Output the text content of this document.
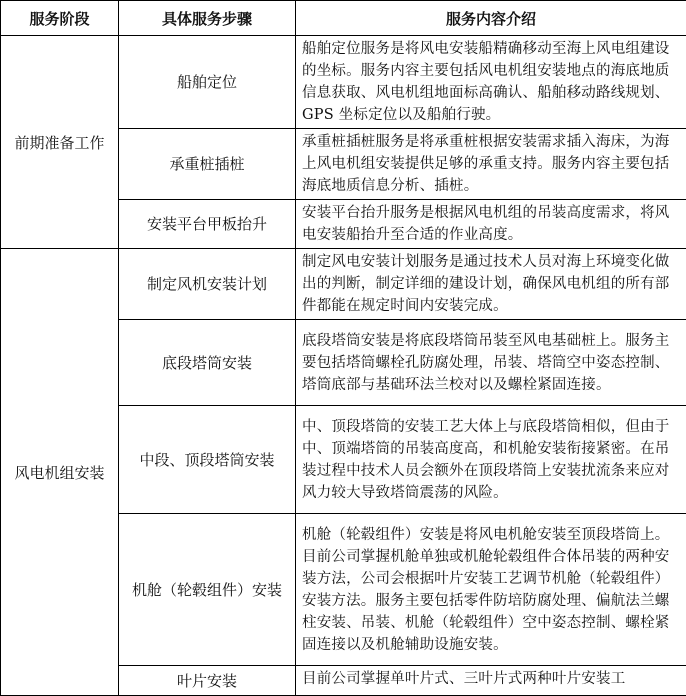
服务阶段	具体服务步骤	服务内容介绍
前期准备工作	船舶定位	船舶定位服务是将风电安装船精确移动至海上风电组建设的坐标。服务内容主要包括风电机组安装地点的海底地质信息获取、风电机组地面标高确认、船舶移动路线规划、GPS 坐标定位以及船舶行驶。
	承重桩插桩	承重桩插桩服务是将承重桩根据安装需求插入海床，为海上风电机组安装提供足够的承重支持。服务内容主要包括海底地质信息分析、插桩。
	安装平台甲板抬升	安装平台抬升服务是根据风电机组的吊装高度需求，将风电安装船抬升至合适的作业高度。
风电机组安装	制定风机安装计划	制定风电安装计划服务是通过技术人员对海上环境变化做出的判断，制定详细的建设计划，确保风电机组的所有部件都能在规定时间内安装完成。
	底段塔筒安装	底段塔筒安装是将底段塔筒吊装至风电基础桩上。服务主要包括塔筒螺栓孔防腐处理，吊装、塔筒空中姿态控制、塔筒底部与基础环法兰校对以及螺栓紧固连接。
	中段、顶段塔筒安装	中、顶段塔筒的安装工艺大体上与底段塔筒相似，但由于中、顶端塔筒的吊装高度高，和机舱安装衔接紧密。在吊装过程中技术人员会额外在顶段塔筒上安装扰流条来应对风力较大导致塔筒震荡的风险。
	机舱（轮毂组件）安装	机舱（轮毂组件）安装是将风电机舱安装至顶段塔筒上。目前公司掌握机舱单独或机舱轮毂组件合体吊装的两种安装方法，公司会根据叶片安装工艺调节机舱（轮毂组件）安装方法。服务主要包括零件防培防腐处理、偏航法兰螺柱安装、吊装、机舱（轮毂组件）空中姿态控制、螺栓紧固连接以及机舱辅助设施安装。
	叶片安装	目前公司掌握单叶片式、三叶片式两种叶片安装工
